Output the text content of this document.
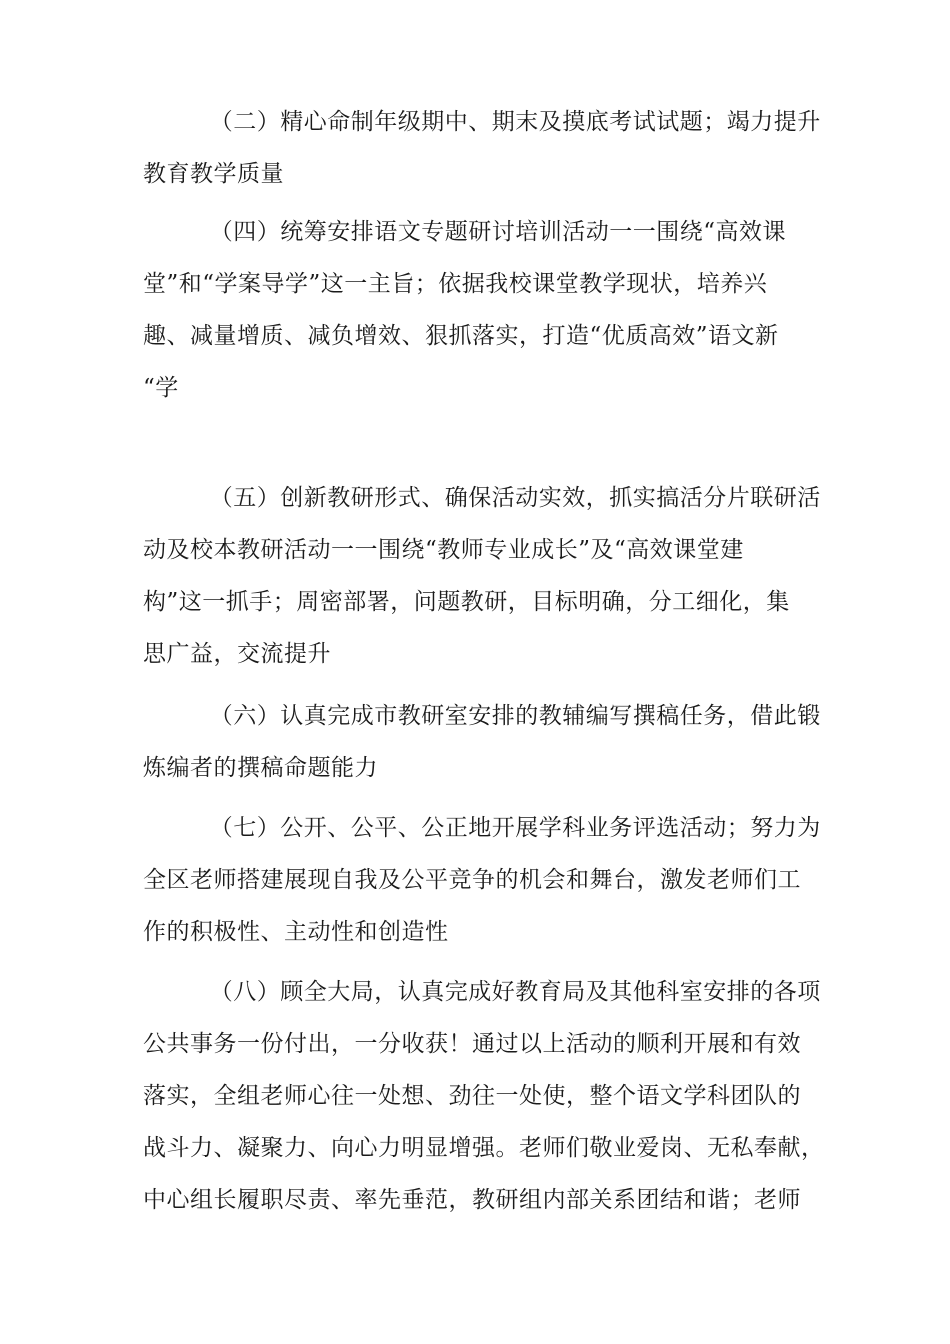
（二）精心命制年级期中、期末及摸底考试试题；竭力提升
教育教学质量
（四）统筹安排语文专题研讨培训活动一一围绕“高效课
堂”和“学案导学”这一主旨；依据我校课堂教学现状，培养兴
趣、减量增质、减负增效、狠抓落实，打造“优质高效”语文新
“学
（五）创新教研形式、确保活动实效，抓实搞活分片联研活
动及校本教研活动一一围绕“教师专业成长”及“高效课堂建
构”这一抓手；周密部署，问题教研，目标明确，分工细化，集
思广益，交流提升
（六）认真完成市教研室安排的教辅编写撰稿任务，借此锻
炼编者的撰稿命题能力
（七）公开、公平、公正地开展学科业务评选活动；努力为
全区老师搭建展现自我及公平竞争的机会和舞台，激发老师们工
作的积极性、主动性和创造性
（八）顾全大局，认真完成好教育局及其他科室安排的各项
公共事务一份付出，一分收获！通过以上活动的顺利开展和有效
落实，全组老师心往一处想、劲往一处使，整个语文学科团队的
战斗力、凝聚力、向心力明显增强。老师们敬业爱岗、无私奉献，
中心组长履职尽责、率先垂范，教研组内部关系团结和谐；老师
